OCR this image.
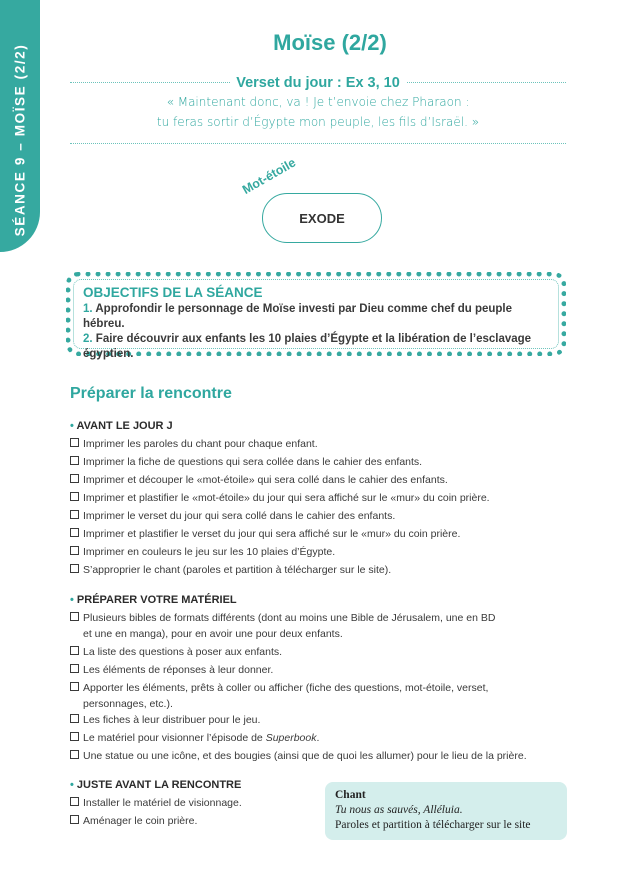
SÉANCE 9 – MOÏSE (2/2)
Moïse (2/2)
Verset du jour : Ex 3, 10
« Maintenant donc, va ! Je t’envoie chez Pharaon :
tu feras sortir d’Égypte mon peuple, les fils d’Israël. »
Mot-étoile
EXODE
OBJECTIFS DE LA SÉANCE
1. Approfondir le personnage de Moïse investi par Dieu comme chef du peuple hébreu.
2. Faire découvrir aux enfants les 10 plaies d’Égypte et la libération de l’esclavage égyptien.
Préparer la rencontre
• AVANT LE JOUR J
Imprimer les paroles du chant pour chaque enfant.
Imprimer la fiche de questions qui sera collée dans le cahier des enfants.
Imprimer et découper le «mot-étoile» qui sera collé dans le cahier des enfants.
Imprimer et plastifier le «mot-étoile» du jour qui sera affiché sur le «mur» du coin prière.
Imprimer le verset du jour qui sera collé dans le cahier des enfants.
Imprimer et plastifier le verset du jour qui sera affiché sur le «mur» du coin prière.
Imprimer en couleurs le jeu sur les 10 plaies d’Égypte.
S’approprier le chant (paroles et partition à télécharger sur le site).
• PRÉPARER VOTRE MATÉRIEL
Plusieurs bibles de formats différents (dont au moins une Bible de Jérusalem, une en BD
et une en manga), pour en avoir une pour deux enfants.
La liste des questions à poser aux enfants.
Les éléments de réponses à leur donner.
Apporter les éléments, prêts à coller ou afficher (fiche des questions, mot-étoile, verset,
personnages, etc.).
Les fiches à leur distribuer pour le jeu.
Le matériel pour visionner l’épisode de Superbook.
Une statue ou une icône, et des bougies (ainsi que de quoi les allumer) pour le lieu de la prière.
• JUSTE AVANT LA RENCONTRE
Installer le matériel de visionnage.
Aménager le coin prière.
Chant
Tu nous as sauvés, Alléluia.
Paroles et partition à télécharger sur le site
